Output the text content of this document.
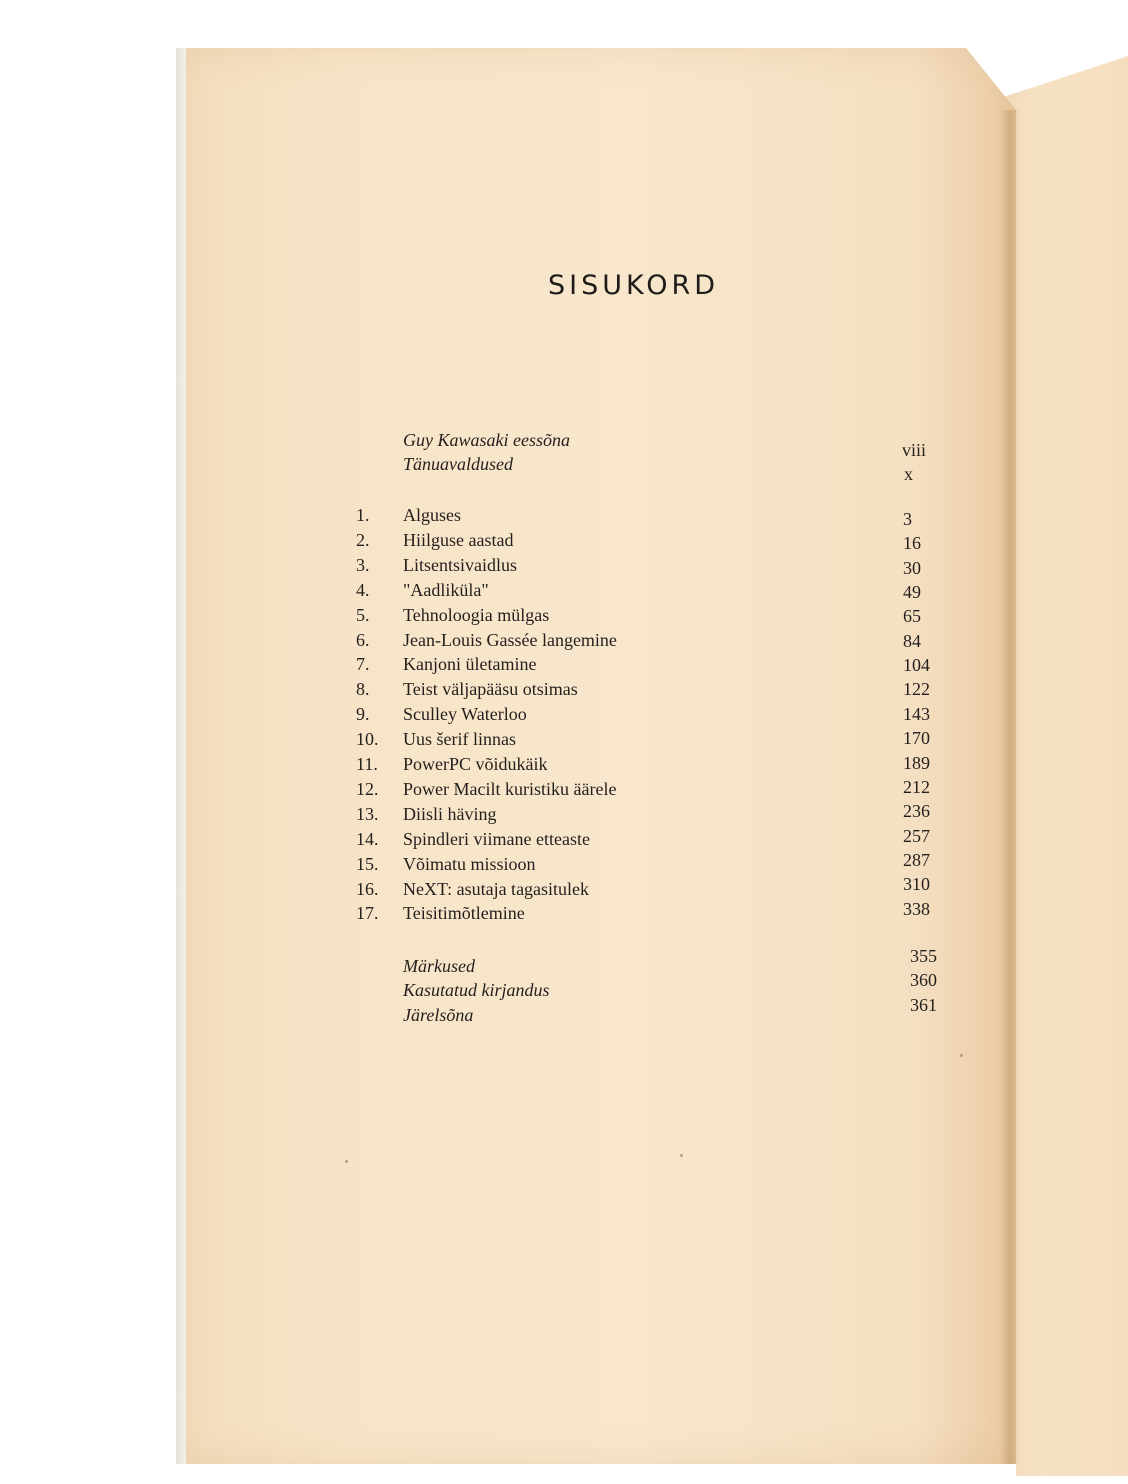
SISUKORD
Guy Kawasaki eessõna	viii
Tänuavaldused	x
1. Alguses	3
2. Hiilguse aastad	16
3. Litsentsivaidlus	30
4. "Aadliküla"	49
5. Tehnoloogia mülgas	65
6. Jean-Louis Gassée langemine	84
7. Kanjoni ületamine	104
8. Teist väljapääsu otsimas	122
9. Sculley Waterloo	143
10. Uus šerif linnas	170
11. PowerPC võidukäik	189
12. Power Macilt kuristiku äärele	212
13. Diisli häving	236
14. Spindleri viimane etteaste	257
15. Võimatu missioon	287
16. NeXT: asutaja tagasitulek	310
17. Teisitimõtlemine	338
Märkused	355
Kasutatud kirjandus	360
Järelsõna	361
